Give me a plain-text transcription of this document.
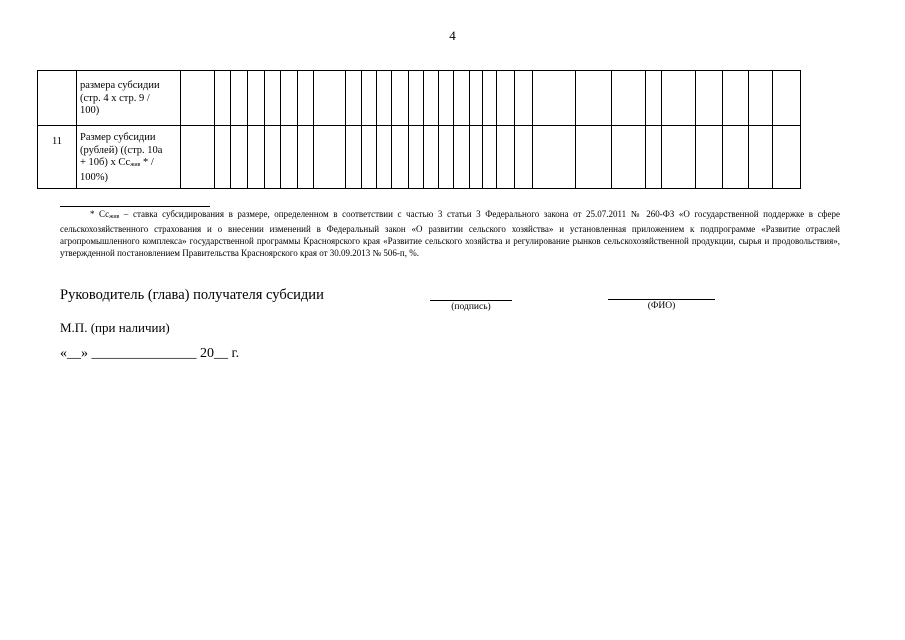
4
	размера субсидии
(стр. 4 х стр. 9 /
100)																													
11	Размер субсидии
(рублей) ((стр. 10а
+ 10б) х $Сс_{жив}$ * /
100%)																													
* $Сс_{жив}$ – ставка субсидирования в размере, определенном в соответствии с частью 3 статьи 3 Федерального закона от 25.07.2011 № 260-ФЗ «О государственной поддержке в сфере сельскохозяйственного страхования и о внесении изменений в Федеральный закон «О развитии сельского хозяйства» и установленная приложением к подпрограмме «Развитие отраслей агропромышленного комплекса» государственной программы Красноярского края «Развитие сельского хозяйства и регулирование рынков сельскохозяйственной продукции, сырья и продовольствия», утвержденной постановлением Правительства Красноярского края от 30.09.2013 № 506-п, %.
Руководитель (глава) получателя субсидии
(подпись)	(ФИО)
М.П. (при наличии)
«__» _______________ 20__ г.
